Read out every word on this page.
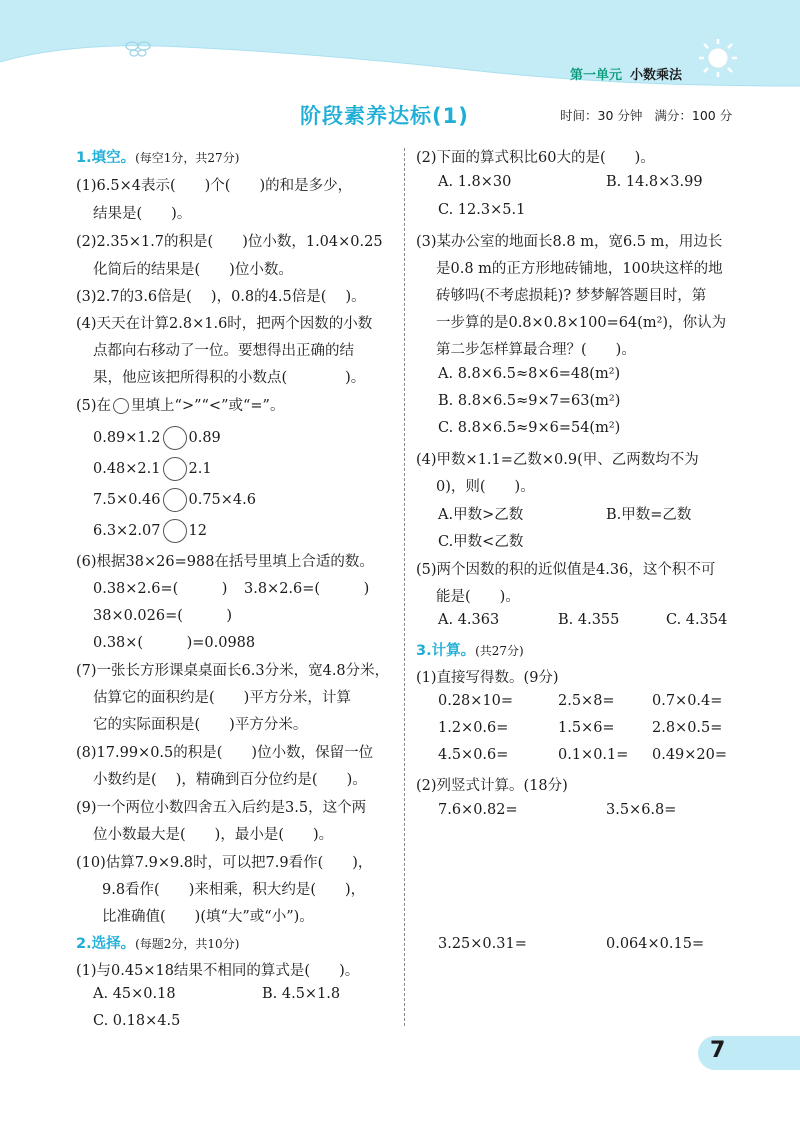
第一单元 小数乘法
阶段素养达标(1)	时间：30 分钟 满分：100 分
1.填空。(每空1分，共27分)
(1)6.5×4表示(　　)个(　　)的和是多少，
结果是(　　)。
(2)2.35×1.7的积是(　　)位小数，1.04×0.25
化简后的结果是(　　)位小数。
(3)2.7的3.6倍是(　 )，0.8的4.5倍是(　 )。
(4)天天在计算2.8×1.6时，把两个因数的小数
点都向右移动了一位。要想得出正确的结
果，他应该把所得积的小数点(　　　　)。
(5)在 里填上“>”“<”或“=”。
0.89×1.2 0.89
0.48×2.1 2.1
7.5×0.46 0.75×4.6
6.3×2.07 12
(6)根据38×26=988在括号里填上合适的数。
0.38×2.6=(　　　) 3.8×2.6=(　　　)
38×0.026=(　　　)
0.38×(　　　)=0.0988
(7)一张长方形课桌桌面长6.3分米，宽4.8分米，
估算它的面积约是(　　)平方分米，计算
它的实际面积是(　　)平方分米。
(8)17.99×0.5的积是(　　)位小数，保留一位
小数约是(　 )，精确到百分位约是(　　)。
(9)一个两位小数四舍五入后约是3.5，这个两
位小数最大是(　　)，最小是(　　)。
(10)估算7.9×9.8时，可以把7.9看作(　　)，
9.8看作(　　)来相乘，积大约是(　　)，
比准确值(　　)(填“大”或“小”)。
2.选择。(每题2分，共10分)
(1)与0.45×18结果不相同的算式是(　　)。
A. 45×0.18	B. 4.5×1.8
C. 0.18×4.5
(2)下面的算式积比60大的是(　　)。
A. 1.8×30	B. 14.8×3.99
C. 12.3×5.1
(3)某办公室的地面长8.8 m，宽6.5 m，用边长
是0.8 m的正方形地砖铺地，100块这样的地
砖够吗(不考虑损耗)? 梦梦解答题目时，第
一步算的是0.8×0.8×100=64(m²)，你认为
第二步怎样算最合理？(　　)。
A. 8.8×6.5≈8×6=48(m²)
B. 8.8×6.5≈9×7=63(m²)
C. 8.8×6.5≈9×6=54(m²)
(4)甲数×1.1=乙数×0.9(甲、乙两数均不为
0)，则(　　)。
A.甲数>乙数	B.甲数=乙数
C.甲数<乙数
(5)两个因数的积的近似值是4.36，这个积不可
能是(　　)。
A. 4.363	B. 4.355	C. 4.354
3.计算。(共27分)
(1)直接写得数。(9分)
0.28×10=	2.5×8=	0.7×0.4=
1.2×0.6=	1.5×6=	2.8×0.5=
4.5×0.6=	0.1×0.1= 0.49×20=
(2)列竖式计算。(18分)
7.6×0.82=	3.5×6.8=
3.25×0.31=	0.064×0.15=
7
